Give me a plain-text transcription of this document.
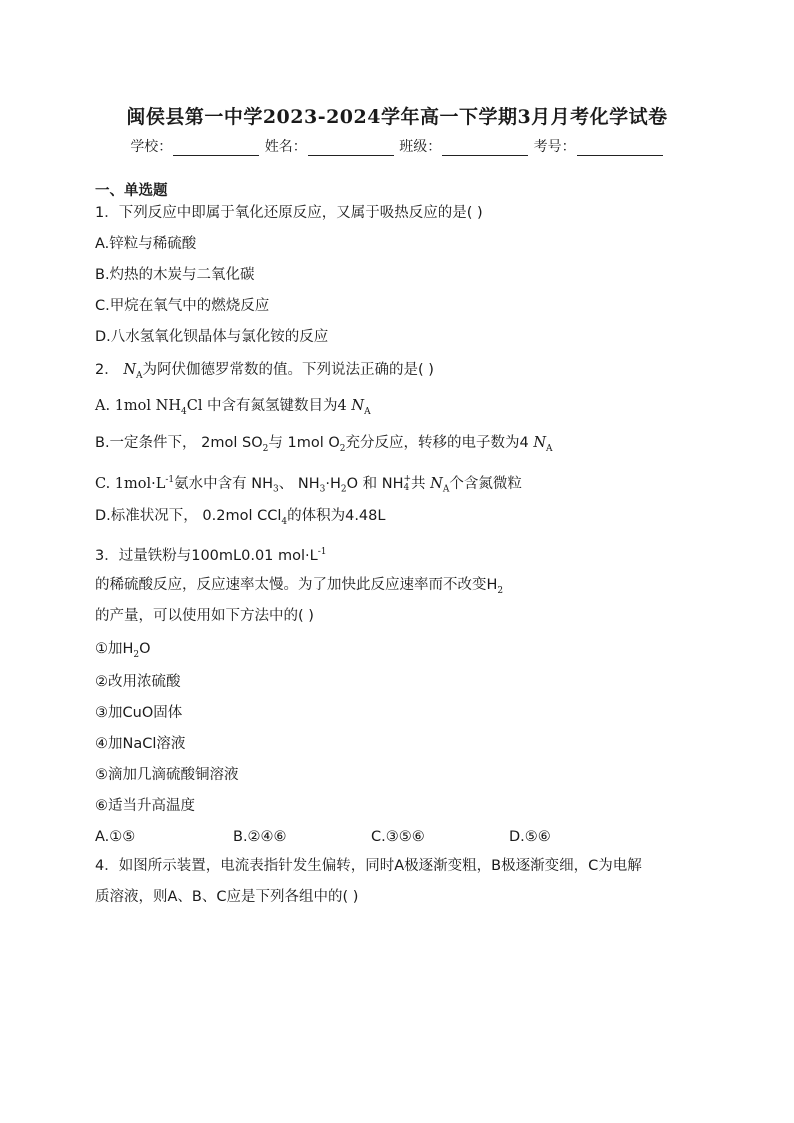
闽侯县第一中学2023-2024学年高一下学期3月月考化学试卷
学校：	姓名：	班级：	考号：
一、单选题
1．下列反应中即属于氧化还原反应，又属于吸热反应的是( )
A.锌粒与稀硫酸
B.灼热的木炭与二氧化碳
C.甲烷在氧气中的燃烧反应
D.八水氢氧化钡晶体与氯化铵的反应
2． $N_A$为阿伏伽德罗常数的值。下列说法正确的是( )
A. 1mol $NH_4Cl$ 中含有氮氢键数目为4 $N_A$
B.一定条件下， 2mol $SO_2$与 1mol $O_2$充分反应，转移的电子数为4 $N_A$
C. $1mol\cdot L^{-1}$氨水中含有 $NH_3$、 $NH_3\cdot H_2O$ 和 NH +
4 共 $N_A$个含氮微粒
D.标准状况下， 0.2mol CCl$_4$的体积为4.48L
3．过量铁粉与100mL0.01 $mol\cdot L^{-1}$
的稀硫酸反应，反应速率太慢。为了加快此反应速率而不改变$H_2$
的产量，可以使用如下方法中的( )
①加$H_2O$
②改用浓硫酸
③加CuO固体
④加NaCl溶液
⑤滴加几滴硫酸铜溶液
⑥适当升高温度
A.①⑤	B.②④⑥	C.③⑤⑥	D.⑤⑥
4．如图所示装置，电流表指针发生偏转，同时A极逐渐变粗，B极逐渐变细，C为电解
质溶液，则A、B、C应是下列各组中的( )
